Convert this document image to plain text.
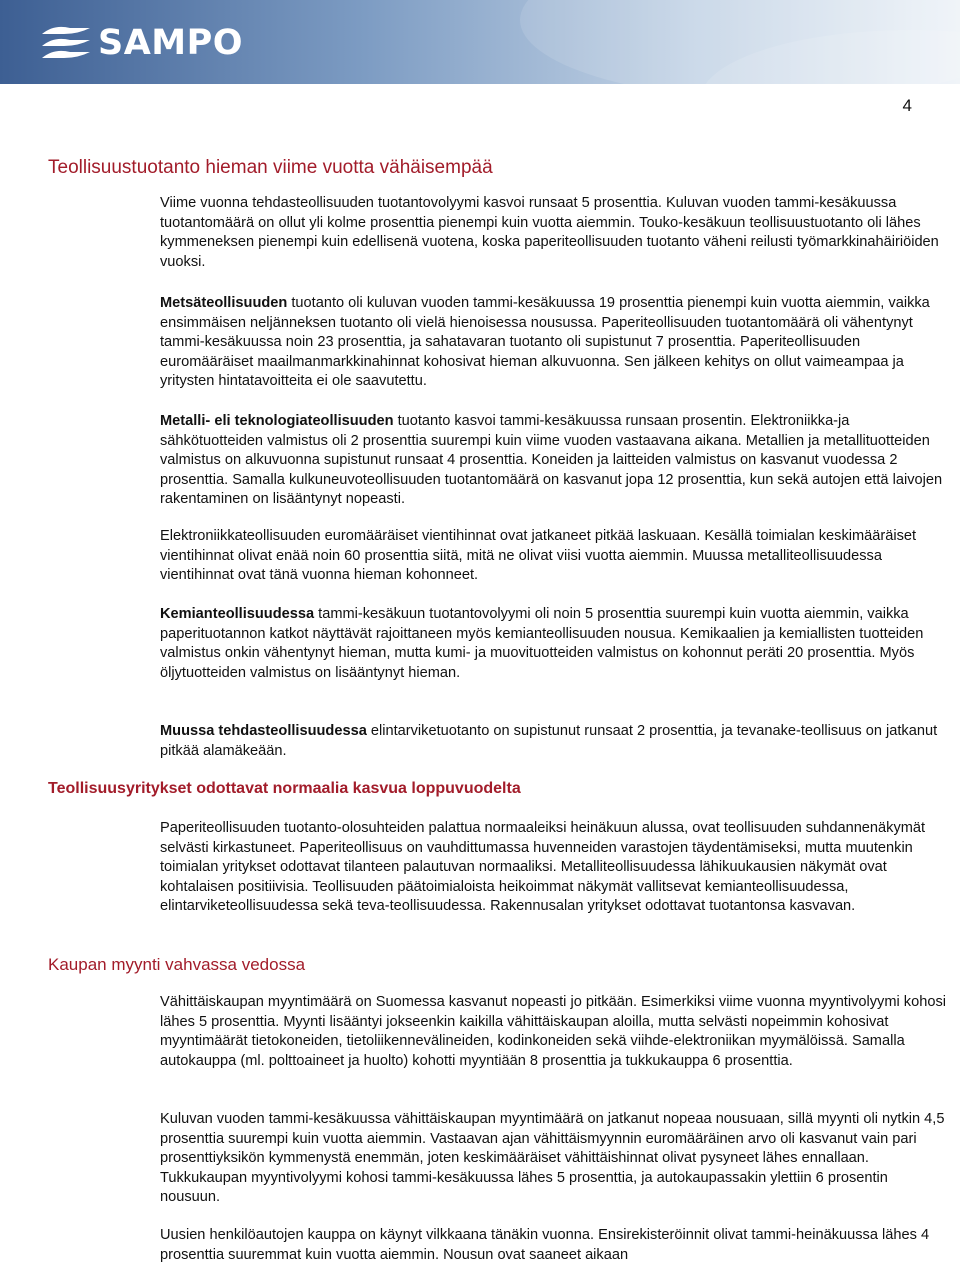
SAMPO
4
Teollisuustuotanto hieman viime vuotta vähäisempää

Viime vuonna tehdasteollisuuden tuotantovolyymi kasvoi runsaat 5 prosenttia. Kuluvan vuoden tammi-kesäkuussa tuotantomäärä on ollut yli kolme prosenttia pienempi kuin vuotta aiemmin. Touko-kesäkuun teollisuustuotanto oli lähes kymmeneksen pienempi kuin edellisenä vuotena, koska paperiteollisuuden tuotanto väheni reilusti työmarkkinahäiriöiden vuoksi.

Metsäteollisuuden tuotanto oli kuluvan vuoden tammi-kesäkuussa 19 prosenttia pienempi kuin vuotta aiemmin, vaikka ensimmäisen neljänneksen tuotanto oli vielä hienoisessa nousussa. Paperiteollisuuden tuotantomäärä oli vähentynyt tammi-kesäkuussa noin 23 prosenttia, ja sahatavaran tuotanto oli supistunut 7 prosenttia. Paperiteollisuuden euromääräiset maailmanmarkkinahinnat kohosivat hieman alkuvuonna. Sen jälkeen kehitys on ollut vaimeampaa ja yritysten hintatavoitteita ei ole saavutettu.

Metalli- eli teknologiateollisuuden tuotanto kasvoi tammi-kesäkuussa runsaan prosentin. Elektroniikka-ja sähkötuotteiden valmistus oli 2 prosenttia suurempi kuin viime vuoden vastaavana aikana. Metallien ja metallituotteiden valmistus on alkuvuonna supistunut runsaat 4 prosenttia. Koneiden ja laitteiden valmistus on kasvanut vuodessa 2 prosenttia. Samalla kulkuneuvoteollisuuden tuotantomäärä on kasvanut jopa 12 prosenttia, kun sekä autojen että laivojen rakentaminen on lisääntynyt nopeasti.

Elektroniikkateollisuuden euromääräiset vientihinnat ovat jatkaneet pitkää laskuaan. Kesällä toimialan keskimääräiset vientihinnat olivat enää noin 60 prosenttia siitä, mitä ne olivat viisi vuotta aiemmin. Muussa metalliteollisuudessa vientihinnat ovat tänä vuonna hieman kohonneet.

Kemianteollisuudessa tammi-kesäkuun tuotantovolyymi oli noin 5 prosenttia suurempi kuin vuotta aiemmin, vaikka paperituotannon katkot näyttävät rajoittaneen myös kemianteollisuuden nousua. Kemikaalien ja kemiallisten tuotteiden valmistus onkin vähentynyt hieman, mutta kumi- ja muovituotteiden valmistus on kohonnut peräti 20 prosenttia. Myös öljytuotteiden valmistus on lisääntynyt hieman.

Muussa tehdasteollisuudessa elintarviketuotanto on supistunut runsaat 2 prosenttia, ja tevanake-teollisuus on jatkanut pitkää alamäkeään.

Teollisuusyritykset odottavat normaalia kasvua loppuvuodelta

Paperiteollisuuden tuotanto-olosuhteiden palattua normaaleiksi heinäkuun alussa, ovat teollisuuden suhdannenäkymät selvästi kirkastuneet. Paperiteollisuus on vauhdittumassa huvenneiden varastojen täydentämiseksi, mutta muutenkin toimialan yritykset odottavat tilanteen palautuvan normaaliksi. Metalliteollisuudessa lähikuukausien näkymät ovat kohtalaisen positiivisia. Teollisuuden päätoimialoista heikoimmat näkymät vallitsevat kemianteollisuudessa, elintarviketeollisuudessa sekä teva-teollisuudessa. Rakennusalan yritykset odottavat tuotantonsa kasvavan.

Kaupan myynti vahvassa vedossa

Vähittäiskaupan myyntimäärä on Suomessa kasvanut nopeasti jo pitkään. Esimerkiksi viime vuonna myyntivolyymi kohosi lähes 5 prosenttia. Myynti lisääntyi jokseenkin kaikilla vähittäiskaupan aloilla, mutta selvästi nopeimmin kohosivat myyntimäärät tietokoneiden, tietoliikennevälineiden, kodinkoneiden sekä viihde-elektroniikan myymälöissä. Samalla autokauppa (ml. polttoaineet ja huolto) kohotti myyntiään 8 prosenttia ja tukkukauppa 6 prosenttia.

Kuluvan vuoden tammi-kesäkuussa vähittäiskaupan myyntimäärä on jatkanut nopeaa nousuaan, sillä myynti oli nytkin 4,5 prosenttia suurempi kuin vuotta aiemmin. Vastaavan ajan vähittäismyynnin euromääräinen arvo oli kasvanut vain pari prosenttiyksikön kymmenystä enemmän, joten keskimääräiset vähittäishinnat olivat pysyneet lähes ennallaan. Tukkukaupan myyntivolyymi kohosi tammi-kesäkuussa lähes 5 prosenttia, ja autokaupassakin ylettiin 6 prosentin nousuun.

Uusien henkilöautojen kauppa on käynyt vilkkaana tänäkin vuonna. Ensirekisteröinnit olivat tammi-heinäkuussa lähes 4 prosenttia suuremmat kuin vuotta aiemmin. Nousun ovat saaneet aikaan
